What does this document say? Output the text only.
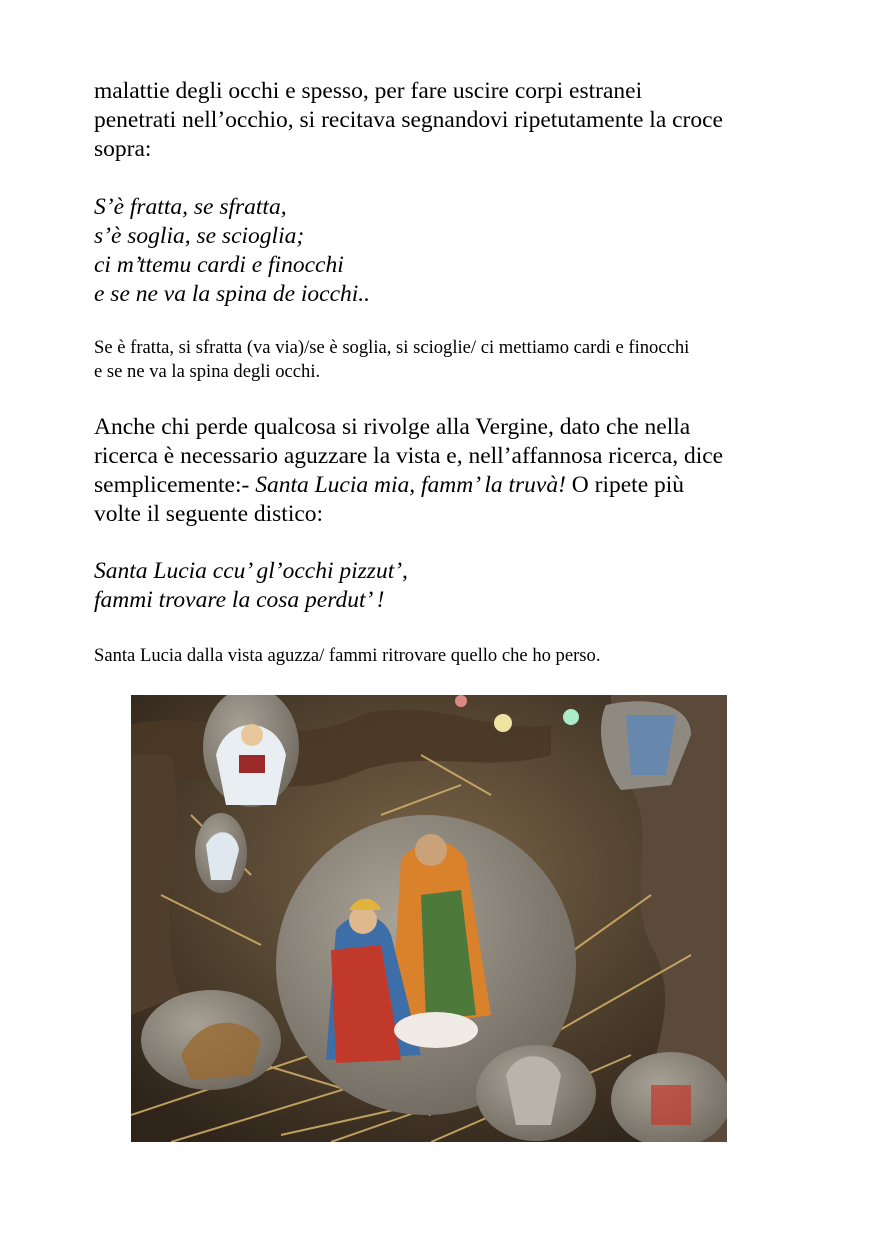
malattie degli occhi e spesso, per fare uscire corpi estranei
penetrati nell’occhio, si recitava segnandovi ripetutamente la croce
sopra:
S’è fratta, se sfratta,
s’è soglia, se scioglia;
ci m’ttemu cardi e finocchi
e se ne va la spina de iocchi..
Se è fratta, si sfratta (va via)/se è soglia, si scioglie/ ci mettiamo cardi e finocchi
e se ne va la spina degli occhi.
Anche chi perde qualcosa si rivolge alla Vergine, dato che nella
ricerca è necessario aguzzare la vista e, nell’affannosa ricerca, dice
semplicemente:- Santa Lucia mia, famm’ la truvà! O ripete più
volte il seguente distico:
Santa Lucia ccu’ gl’occhi pizzut’,
fammi trovare la cosa perdut’ !
Santa Lucia dalla vista aguzza/ fammi ritrovare quello che ho perso.
